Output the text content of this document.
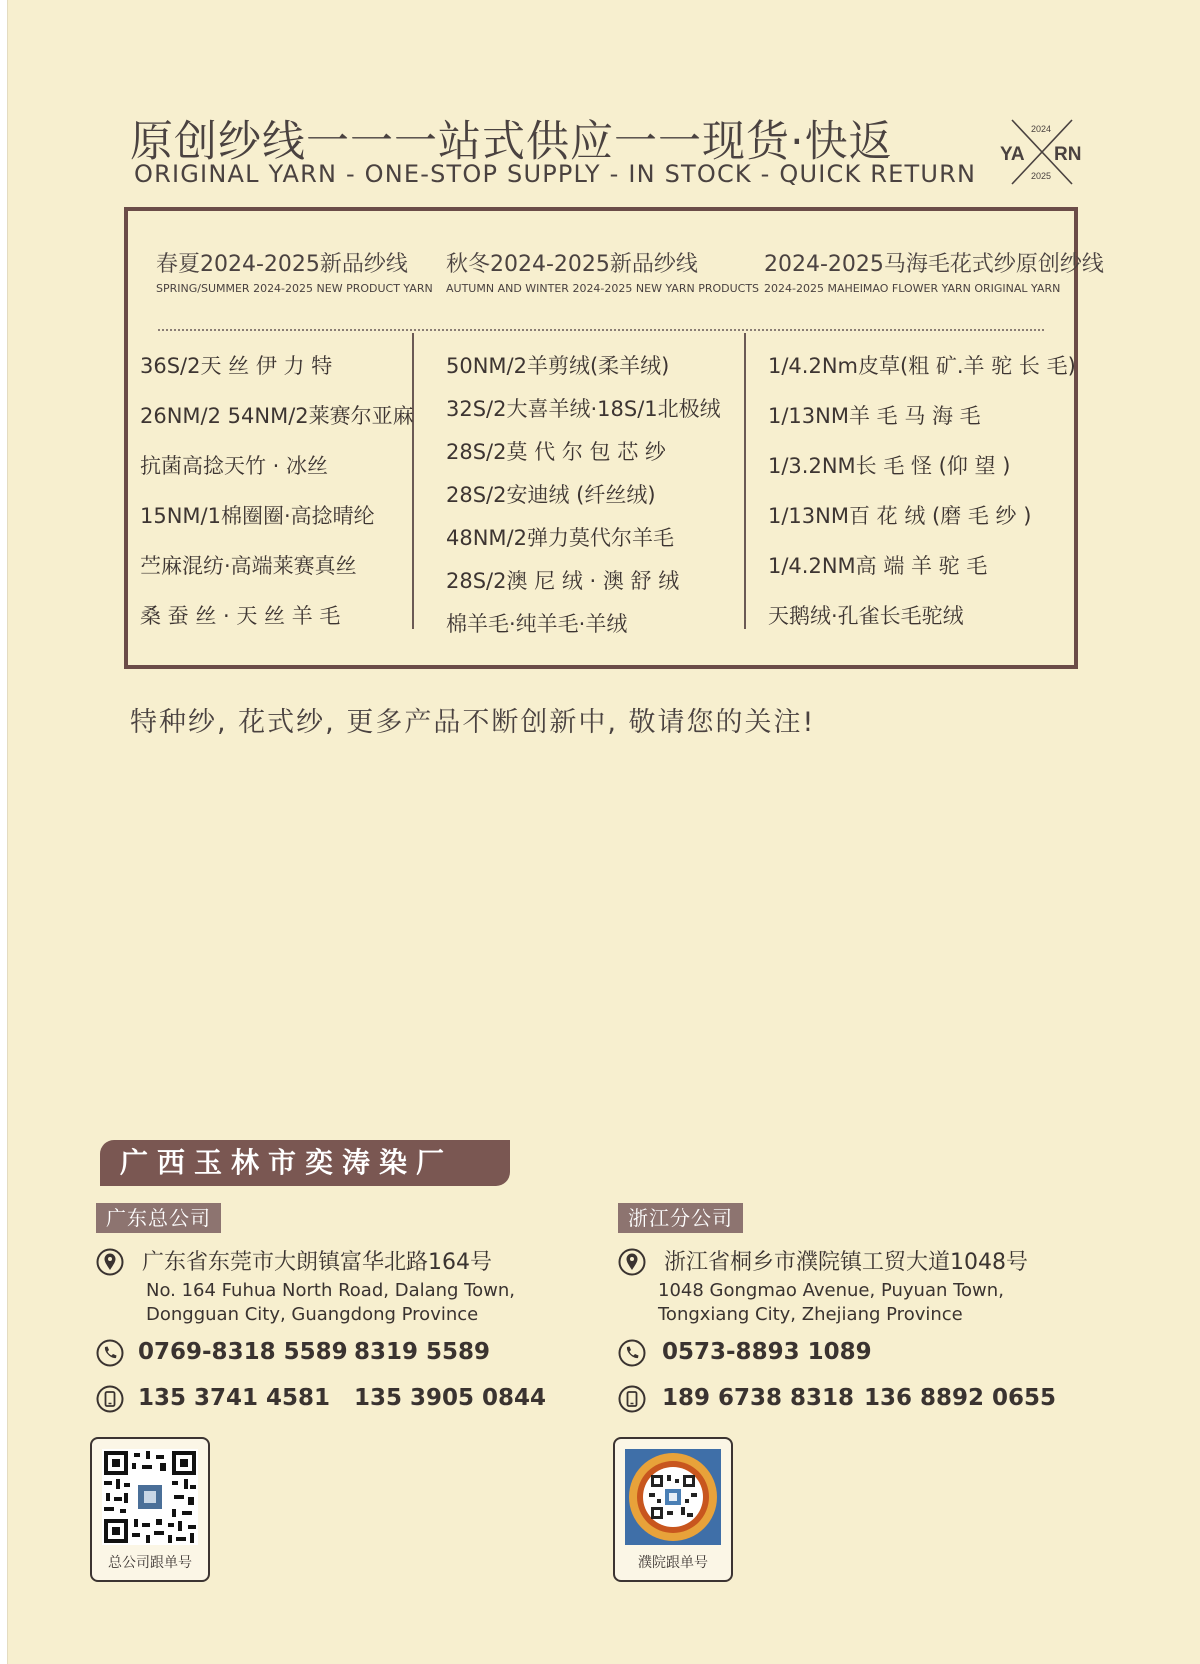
原创纱线一一一站式供应一一现货·快返
ORIGINAL YARN - ONE-STOP SUPPLY - IN STOCK - QUICK RETURN
YA RN
2024
2025
春夏2024-2025新品纱线
SPRING/SUMMER 2024-2025 NEW PRODUCT YARN
秋冬2024-2025新品纱线
AUTUMN AND WINTER 2024-2025 NEW YARN PRODUCTS
2024-2025马海毛花式纱原创纱线
2024-2025 MAHEIMAO FLOWER YARN ORIGINAL YARN
36S/2天 丝 伊 力 特
26NM/2 54NM/2莱赛尔亚麻
抗菌高捻天竹 · 冰丝
15NM/1棉圈圈·高捻晴纶
苎麻混纺·高端莱赛真丝
桑 蚕 丝 · 天 丝 羊 毛
50NM/2羊剪绒(柔羊绒)
32S/2大喜羊绒·18S/1北极绒
28S/2莫 代 尔 包 芯 纱
28S/2安迪绒 (纤丝绒)
48NM/2弹力莫代尔羊毛
28S/2澳 尼 绒 · 澳 舒 绒
棉羊毛·纯羊毛·羊绒
1/4.2Nm皮草(粗 矿.羊 驼 长 毛)
1/13NM羊 毛 马 海 毛
1/3.2NM长 毛 怪 (仰 望 )
1/13NM百 花 绒 (磨 毛 纱 )
1/4.2NM高 端 羊 驼 毛
天鹅绒·孔雀长毛驼绒
特种纱, 花式纱, 更多产品不断创新中, 敬请您的关注!
广西玉林市奕涛染厂
广东总公司
广东省东莞市大朗镇富华北路164号
No. 164 Fuhua North Road, Dalang Town,
Dongguan City, Guangdong Province
0769-8318 5589 8319 5589
135 3741 4581 135 3905 0844
浙江分公司
浙江省桐乡市濮院镇工贸大道1048号
1048 Gongmao Avenue, Puyuan Town,
Tongxiang City, Zhejiang Province
0573-8893 1089
189 6738 8318 136 8892 0655
总公司跟单号	濮院跟单号
